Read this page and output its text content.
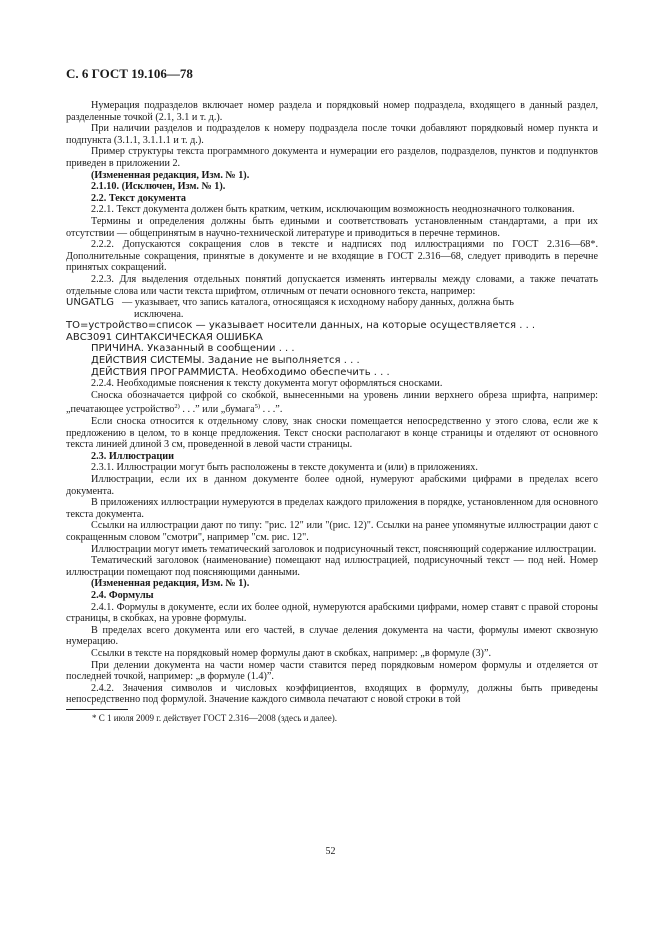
С. 6 ГОСТ 19.106—78

Нумерация подразделов включает номер раздела и порядковый номер подраздела, входящего в данный раздел, разделенные точкой (2.1, 3.1 и т. д.).

При наличии разделов и подразделов к номеру подраздела после точки добавляют порядковый номер пункта и подпункта (3.1.1, 3.1.1.1 и т. д.).

Пример структуры текста программного документа и нумерации его разделов, подразделов, пунктов и подпунктов приведен в приложении 2.

(Измененная редакция, Изм. № 1).

2.1.10. (Исключен, Изм. № 1).

2.2. Текст документа

2.2.1. Текст документа должен быть кратким, четким, исключающим возможность неоднозначного толкования.

Термины и определения должны быть едиными и соответствовать установленным стандартами, а при их отсутствии — общепринятым в научно-технической литературе и приводиться в перечне терминов.

2.2.2. Допускаются сокращения слов в тексте и надписях под иллюстрациями по ГОСТ 2.316—68*. Дополнительные сокращения, принятые в документе и не входящие в ГОСТ 2.316—68, следует приводить в перечне принятых сокращений.

2.2.3. Для выделения отдельных понятий допускается изменять интервалы между словами, а также печатать отдельные слова или части текста шрифтом, отличным от печати основного текста, например:

UNGATLG — указывает, что запись каталога, относящаяся к исходному набору данных, должна быть
исключена.

ТО=устройство=список — указывает носители данных, на которые осуществляется . . .

АВС3091 СИНТАКСИЧЕСКАЯ ОШИБКА

ПРИЧИНА. Указанный в сообщении . . .

ДЕЙСТВИЯ СИСТЕМЫ. Задание не выполняется . . .

ДЕЙСТВИЯ ПРОГРАММИСТА. Необходимо обеспечить . . .

2.2.4. Необходимые пояснения к тексту документа могут оформляться сносками.

Сноска обозначается цифрой со скобкой, вынесенными на уровень линии верхнего обреза шрифта, например: „печатающее устройство$^{2)}$ . . .” или „бумага$^{5)}$ . . .”.

Если сноска относится к отдельному слову, знак сноски помещается непосредственно у этого слова, если же к предложению в целом, то в конце предложения. Текст сноски располагают в конце страницы и отделяют от основного текста линией длиной 3 см, проведенной в левой части страницы.

2.3. Иллюстрации

2.3.1. Иллюстрации могут быть расположены в тексте документа и (или) в приложениях.

Иллюстрации, если их в данном документе более одной, нумеруют арабскими цифрами в пределах всего документа.

В приложениях иллюстрации нумеруются в пределах каждого приложения в порядке, установленном для основного текста документа.

Ссылки на иллюстрации дают по типу: "рис. 12" или "(рис. 12)". Ссылки на ранее упомянутые иллюстрации дают с сокращенным словом "смотри", например "см. рис. 12".

Иллюстрации могут иметь тематический заголовок и подрисуночный текст, поясняющий содержание иллюстрации.

Тематический заголовок (наименование) помещают над иллюстрацией, подрисуночный текст — под ней. Номер иллюстрации помещают под поясняющими данными.

(Измененная редакция, Изм. № 1).

2.4. Формулы

2.4.1. Формулы в документе, если их более одной, нумеруются арабскими цифрами, номер ставят с правой стороны страницы, в скобках, на уровне формулы.

В пределах всего документа или его частей, в случае деления документа на части, формулы имеют сквозную нумерацию.

Ссылки в тексте на порядковый номер формулы дают в скобках, например: „в формуле (3)”.

При делении документа на части номер части ставится перед порядковым номером формулы и отделяется от последней точкой, например: „в формуле (1.4)”.

2.4.2. Значения символов и числовых коэффициентов, входящих в формулу, должны быть приведены непосредственно под формулой. Значение каждого символа печатают с новой строки в той

* С 1 июля 2009 г. действует ГОСТ 2.316—2008 (здесь и далее).
52
